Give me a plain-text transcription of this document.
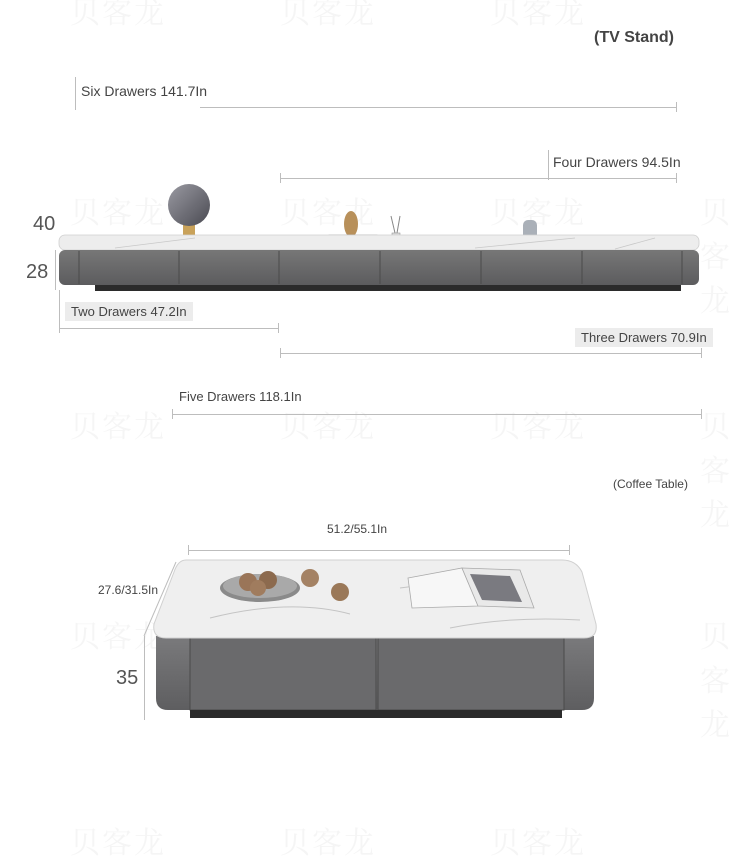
(TV Stand)
Six Drawers 141.7In
Four Drawers 94.5In
40
28
Two Drawers 47.2In
Three Drawers 70.9In
Five Drawers 118.1In
(Coffee Table)
51.2/55.1In
27.6/31.5In
35
